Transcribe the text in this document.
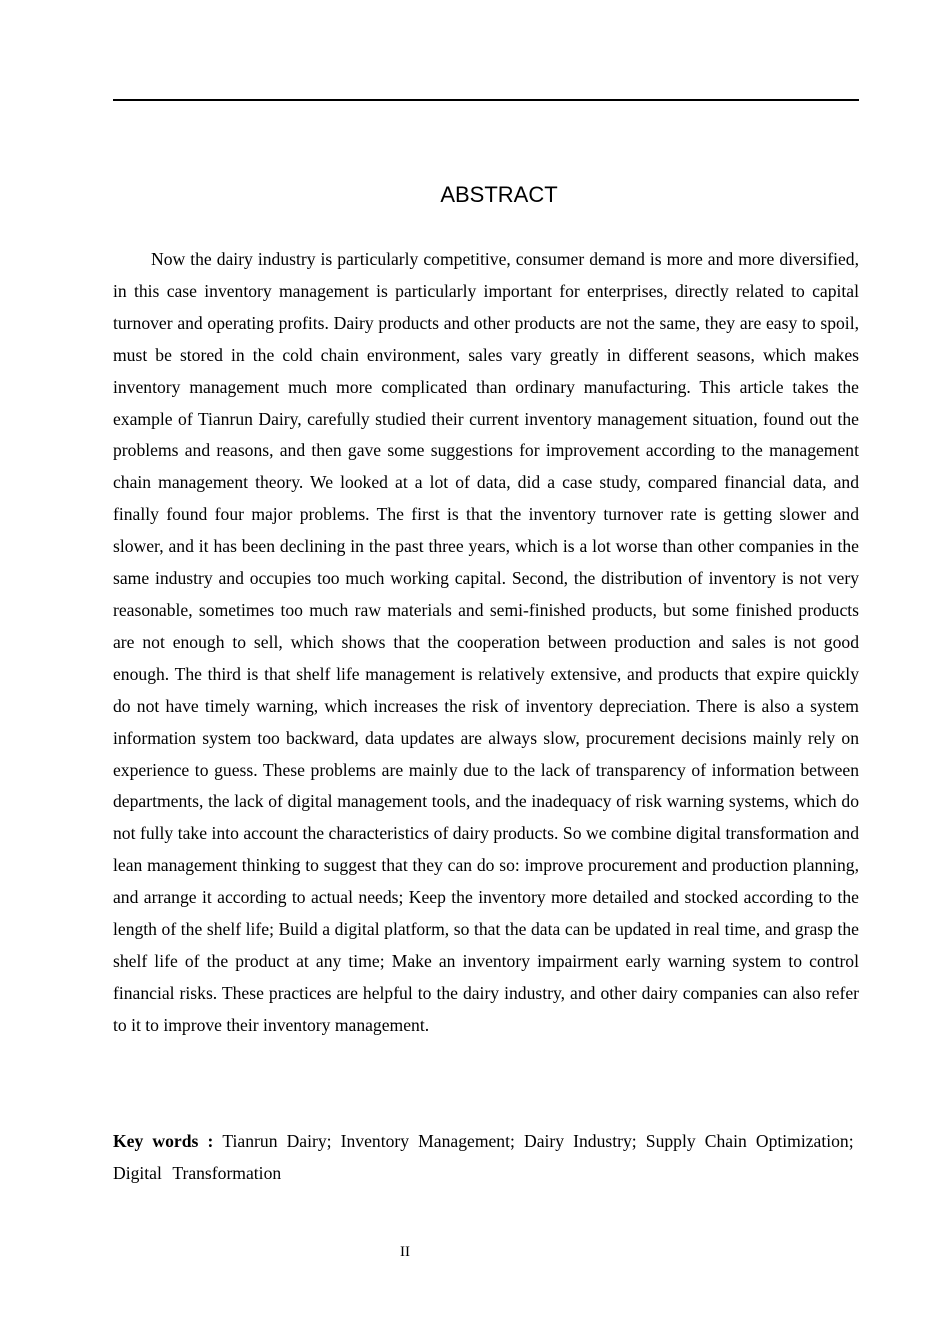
ABSTRACT

Now the dairy industry is particularly competitive, consumer demand is more and more diversified, in this case inventory management is particularly important for enterprises, directly related to capital turnover and operating profits. Dairy products and other products are not the same, they are easy to spoil, must be stored in the cold chain environment, sales vary greatly in different seasons, which makes inventory management much more complicated than ordinary manufacturing. This article takes the example of Tianrun Dairy, carefully studied their current inventory management situation, found out the problems and reasons, and then gave some suggestions for improvement according to the management chain management theory. We looked at a lot of data, did a case study, compared financial data, and finally found four major problems. The first is that the inventory turnover rate is getting slower and slower, and it has been declining in the past three years, which is a lot worse than other companies in the same industry and occupies too much working capital. Second, the distribution of inventory is not very reasonable, sometimes too much raw materials and semi-finished products, but some finished products are not enough to sell, which shows that the cooperation between production and sales is not good enough. The third is that shelf life management is relatively extensive, and products that expire quickly do not have timely warning, which increases the risk of inventory depreciation. There is also a system information system too backward, data updates are always slow, procurement decisions mainly rely on experience to guess. These problems are mainly due to the lack of transparency of information between departments, the lack of digital management tools, and the inadequacy of risk warning systems, which do not fully take into account the characteristics of dairy products. So we combine digital transformation and lean management thinking to suggest that they can do so: improve procurement and production planning, and arrange it according to actual needs; Keep the inventory more detailed and stocked according to the length of the shelf life; Build a digital platform, so that the data can be updated in real time, and grasp the shelf life of the product at any time; Make an inventory impairment early warning system to control financial risks. These practices are helpful to the dairy industry, and other dairy companies can also refer to it to improve their inventory management.

Key words : Tianrun Dairy; Inventory Management; Dairy Industry; Supply Chain Optimization;  Digital  Transformation

II
